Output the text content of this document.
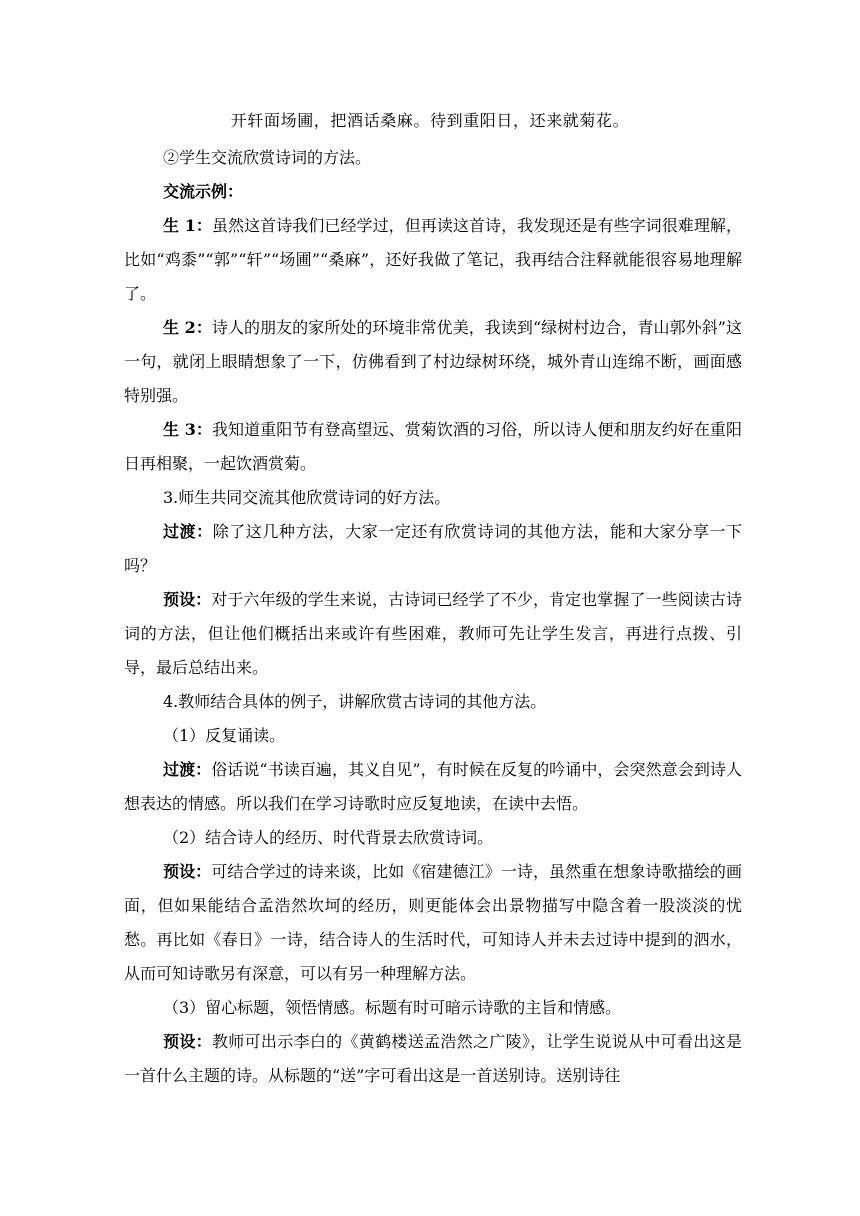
开轩面场圃，把酒话桑麻。待到重阳日，还来就菊花。
②学生交流欣赏诗词的方法。
交流示例：
生 1：虽然这首诗我们已经学过，但再读这首诗，我发现还是有些字词很难理解，比如“鸡黍”“郭”“轩”“场圃”“桑麻”，还好我做了笔记，我再结合注释就能很容易地理解了。
生 2：诗人的朋友的家所处的环境非常优美，我读到“绿树村边合，青山郭外斜”这一句，就闭上眼睛想象了一下，仿佛看到了村边绿树环绕，城外青山连绵不断，画面感特别强。
生 3：我知道重阳节有登高望远、赏菊饮酒的习俗，所以诗人便和朋友约好在重阳日再相聚，一起饮酒赏菊。
3.师生共同交流其他欣赏诗词的好方法。
过渡：除了这几种方法，大家一定还有欣赏诗词的其他方法，能和大家分享一下吗？
预设：对于六年级的学生来说，古诗词已经学了不少，肯定也掌握了一些阅读古诗词的方法，但让他们概括出来或许有些困难，教师可先让学生发言，再进行点拨、引导，最后总结出来。
4.教师结合具体的例子，讲解欣赏古诗词的其他方法。
（1）反复诵读。
过渡：俗话说“书读百遍，其义自见”，有时候在反复的吟诵中，会突然意会到诗人想表达的情感。所以我们在学习诗歌时应反复地读，在读中去悟。
（2）结合诗人的经历、时代背景去欣赏诗词。
预设：可结合学过的诗来谈，比如《宿建德江》一诗，虽然重在想象诗歌描绘的画面，但如果能结合孟浩然坎坷的经历，则更能体会出景物描写中隐含着一股淡淡的忧愁。再比如《春日》一诗，结合诗人的生活时代，可知诗人并未去过诗中提到的泗水，从而可知诗歌另有深意，可以有另一种理解方法。
（3）留心标题，领悟情感。标题有时可暗示诗歌的主旨和情感。
预设：教师可出示李白的《黄鹤楼送孟浩然之广陵》，让学生说说从中可看出这是一首什么主题的诗。从标题的“送”字可看出这是一首送别诗。送别诗往
